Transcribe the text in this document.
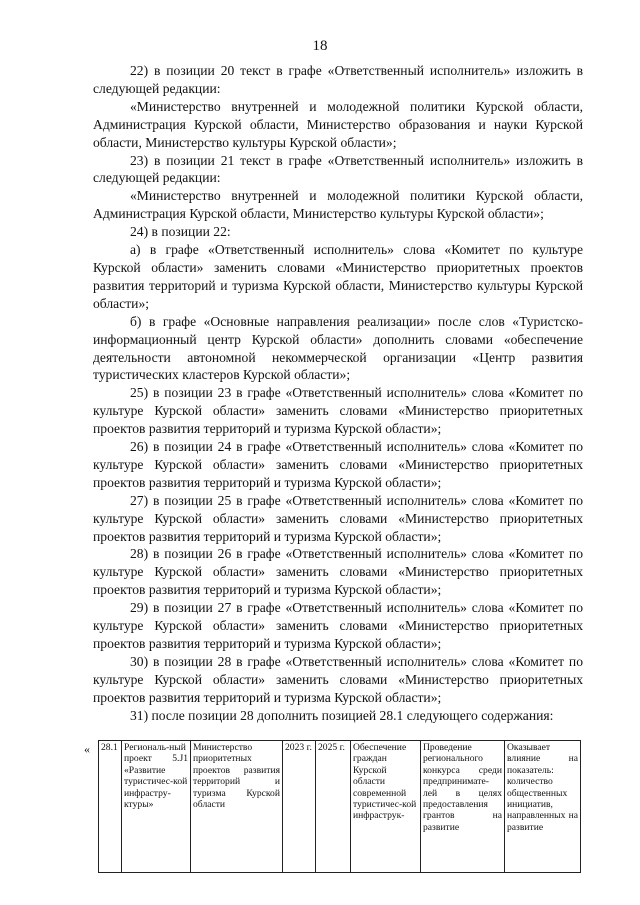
18

22) в позиции 20 текст в графе «Ответственный исполнитель» изложить в следующей редакции:

«Министерство внутренней и молодежной политики Курской области, Администрация Курской области, Министерство образования и науки Курской области, Министерство культуры Курской области»;

23) в позиции 21 текст в графе «Ответственный исполнитель» изложить в следующей редакции:

«Министерство внутренней и молодежной политики Курской области, Администрация Курской области, Министерство культуры Курской области»;

24) в позиции 22:

а) в графе «Ответственный исполнитель» слова «Комитет по культуре Курской области» заменить словами «Министерство приоритетных проектов развития территорий и туризма Курской области, Министерство культуры Курской области»;

б) в графе «Основные направления реализации» после слов «Туристско-информационный центр Курской области» дополнить словами «обеспечение деятельности автономной некоммерческой организации «Центр развития туристических кластеров Курской области»;

25) в позиции 23 в графе «Ответственный исполнитель» слова «Комитет по культуре Курской области» заменить словами «Министерство приоритетных проектов развития территорий и туризма Курской области»;

26) в позиции 24 в графе «Ответственный исполнитель» слова «Комитет по культуре Курской области» заменить словами «Министерство приоритетных проектов развития территорий и туризма Курской области»;

27) в позиции 25 в графе «Ответственный исполнитель» слова «Комитет по культуре Курской области» заменить словами «Министерство приоритетных проектов развития территорий и туризма Курской области»;

28) в позиции 26 в графе «Ответственный исполнитель» слова «Комитет по культуре Курской области» заменить словами «Министерство приоритетных проектов развития территорий и туризма Курской области»;

29) в позиции 27 в графе «Ответственный исполнитель» слова «Комитет по культуре Курской области» заменить словами «Министерство приоритетных проектов развития территорий и туризма Курской области»;

30) в позиции 28 в графе «Ответственный исполнитель» слова «Комитет по культуре Курской области» заменить словами «Министерство приоритетных проектов развития территорий и туризма Курской области»;

31) после позиции 28 дополнить позицией 28.1 следующего содержания:

« 28.1	Региональ-ный проект 5.J1 «Развитие туристичес-кой инфрастру-ктуры»	Министерство приоритетных проектов развития территорий и туризма Курской области	2023 г.	2025 г.	Обеспечение граждан Курской области современной туристичес-кой инфраструк-	Проведение регионального конкурса среди предпринимате-лей в целях предоставления грантов на развитие	Оказывает влияние на показатель: количество общественных инициатив, направленных на развитие
